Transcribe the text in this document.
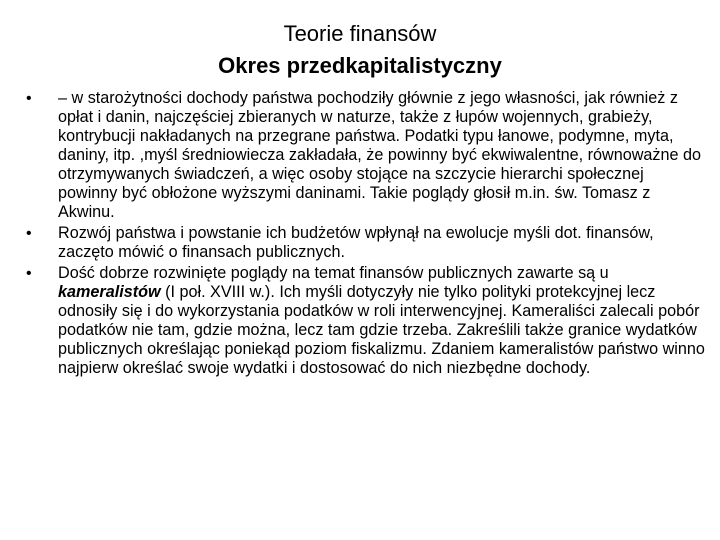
Teorie finansów
Okres przedkapitalistyczny
•	– w starożytności dochody państwa pochodziły głównie z jego własności, jak również z opłat i danin, najczęściej zbieranych w naturze, także z łupów wojennych, grabieży, kontrybucji nakładanych na przegrane państwa. Podatki typu łanowe, podymne, myta, daniny, itp. ,myśl średniowiecza zakładała, że powinny być ekwiwalentne, równoważne do otrzymywanych świadczeń, a więc osoby stojące na szczycie hierarchi społecznej powinny być obłożone wyższymi daninami. Takie poglądy głosił m.in. św. Tomasz z Akwinu.
•	Rozwój państwa i powstanie ich budżetów wpłynął na ewolucje myśli dot. finansów, zaczęto mówić o finansach publicznych.
•	Dość dobrze rozwinięte poglądy na temat finansów publicznych zawarte są u kameralistów (I poł. XVIII w.). Ich myśli dotyczyły nie tylko polityki protekcyjnej lecz odnosiły się i do wykorzystania podatków w roli interwencyjnej. Kameraliści zalecali pobór podatków nie tam, gdzie można, lecz tam gdzie trzeba. Zakreślili także granice wydatków publicznych określając poniekąd poziom fiskalizmu. Zdaniem kameralistów państwo winno najpierw określać swoje wydatki i dostosować do nich niezbędne dochody.
